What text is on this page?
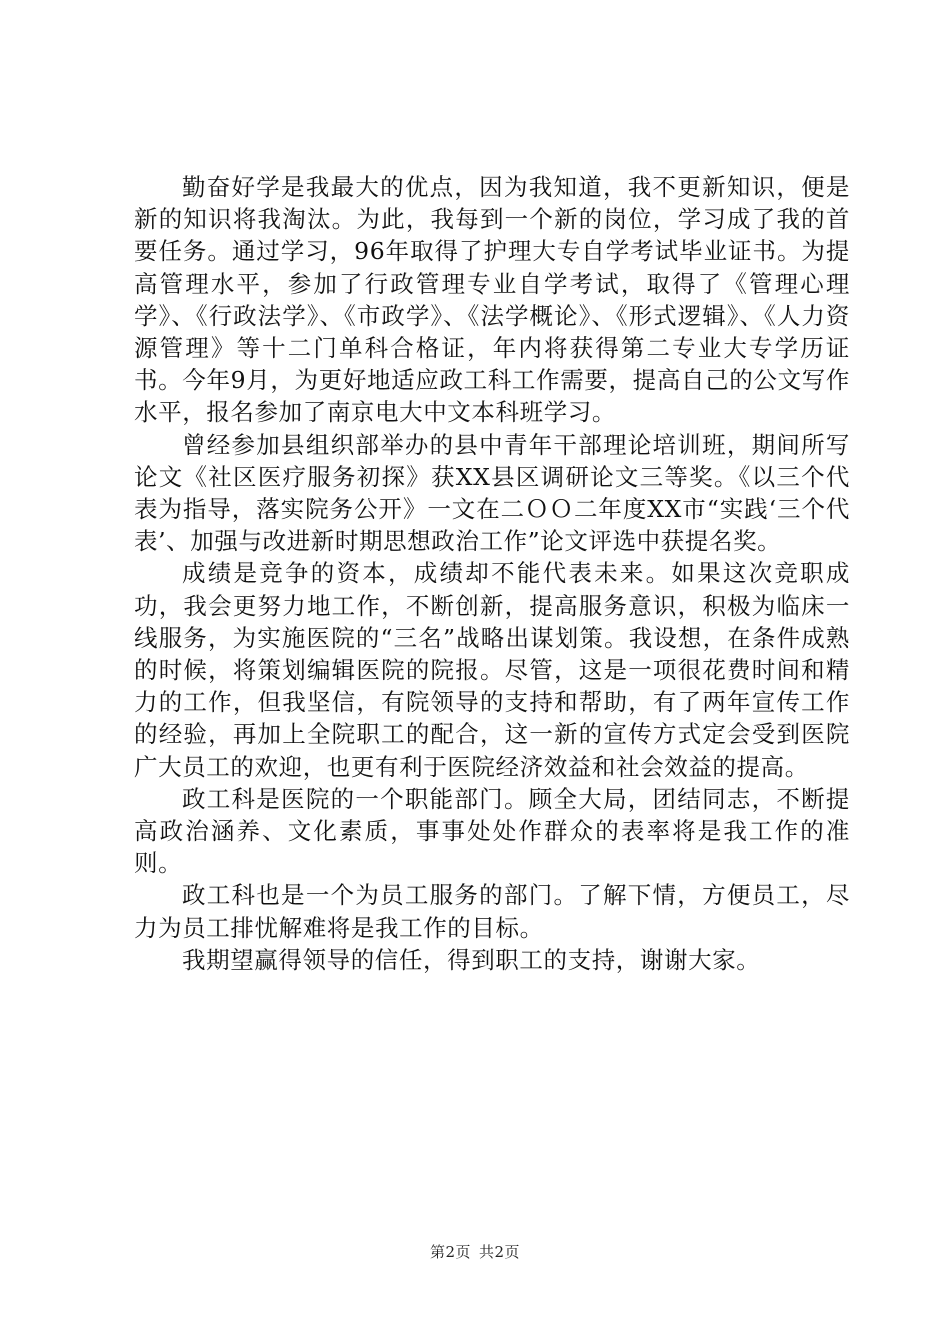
勤奋好学是我最大的优点，因为我知道，我不更新知识，便是新的知识将我淘汰。为此，我每到一个新的岗位，学习成了我的首要任务。通过学习，96年取得了护理大专自学考试毕业证书。为提高管理水平，参加了行政管理专业自学考试，取得了《管理心理学》、《行政法学》、《市政学》、《法学概论》、《形式逻辑》、《人力资源管理》等十二门单科合格证，年内将获得第二专业大专学历证书。今年9月，为更好地适应政工科工作需要，提高自己的公文写作水平，报名参加了南京电大中文本科班学习。

曾经参加县组织部举办的县中青年干部理论培训班，期间所写论文《社区医疗服务初探》获XX县区调研论文三等奖。《以三个代表为指导，落实院务公开》一文在二ＯＯ二年度XX市“实践‘三个代表’、加强与改进新时期思想政治工作”论文评选中获提名奖。

成绩是竞争的资本，成绩却不能代表未来。如果这次竞职成功，我会更努力地工作，不断创新，提高服务意识，积极为临床一线服务，为实施医院的“三名”战略出谋划策。我设想，在条件成熟的时候，将策划编辑医院的院报。尽管，这是一项很花费时间和精力的工作，但我坚信，有院领导的支持和帮助，有了两年宣传工作的经验，再加上全院职工的配合，这一新的宣传方式定会受到医院广大员工的欢迎，也更有利于医院经济效益和社会效益的提高。

政工科是医院的一个职能部门。顾全大局，团结同志，不断提高政治涵养、文化素质，事事处处作群众的表率将是我工作的准则。

政工科也是一个为员工服务的部门。了解下情，方便员工，尽力为员工排忧解难将是我工作的目标。

我期望赢得领导的信任，得到职工的支持，谢谢大家。

第2页 共2页
